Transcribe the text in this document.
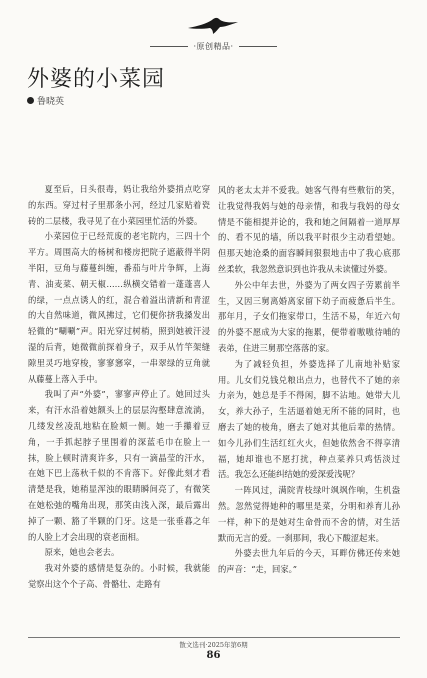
·原创精品·
外婆的小菜园
鲁晓英

夏至后，日头很毒，妈让我给外婆捎点吃穿的东西。穿过村子里那条小河，经过几家贴着瓷砖的二层楼，我寻见了在小菜园里忙活的外婆。

小菜园位于已经荒废的老宅院内，三四十个平方。周围高大的杨树和楼房把院子遮蔽得半阴半阳，豆角与藤蔓纠缠，番茄与叶片争辉，上海青、油麦菜、朝天椒……纵横交错着一蓬蓬喜人的绿，一点点诱人的红，混合着溢出清新和青涩的大自然味道，微风拂过，它们便你挤我搡发出轻微的“唰唰”声。阳光穿过树梢，照到她被汗浸湿的后背，她微微前探着身子，双手从竹竿架缝隙里灵巧地穿梭，寥寥窸窣，一串翠绿的豆角就从藤蔓上落入手中。

我叫了声“外婆”，寥寥声停止了。她回过头来，有汗水沿着她额头上的层层沟壑肆意流淌，几缕发丝凌乱地粘在脸颊一侧。她一手攥着豆角，一手抓起脖子里围着的深蓝毛巾在脸上一抹，脸上顿时清爽许多，只有一滴晶莹的汗水，在她下巴上荡秋千似的不肯落下。好像此刻才看清楚是我，她稍显浑浊的眼睛瞬间亮了，有微笑在她松弛的嘴角出现，那笑由浅入深，最后露出掉了一颗、豁了半颗的门牙。这是一张垂暮之年的人脸上才会出现的衰老面相。

原来，她也会老去。

我对外婆的感情是复杂的。小时候，我就能觉察出这个个子高、骨骼壮、走路有

风的老太太并不爱我。她客气得有些敷衍的笑，让我觉得我妈与她的母亲情，和我与我妈的母女情是不能相提并论的，我和她之间隔着一道厚厚的、看不见的墙，所以我平时很少主动看望她。但那天她沧桑的面容瞬间狠狠地击中了我心底那丝柔软，我忽然意识到也许我从未读懂过外婆。

外公中年去世，外婆为了两女四子劳累前半生，又因三舅离婚离家留下幼子而疲惫后半生。那年月，子女们拖家带口，生活不易，年近六旬的外婆不愿成为大家的拖累，便带着嗷嗷待哺的表弟，住进三舅那空落落的家。

为了减轻负担，外婆选择了儿南地补贴家用。儿女们兑钱兑粮出点力，也替代不了她的亲力亲为，她总是手不得闲，脚不沾地。她带大儿女，养大孙子，生活逼着她无所不能的同时，也磨去了她的棱角，磨去了她对其他后辈的热情。如今儿孙们生活红红火火，但她依然舍不得享清福，她却谁也不愿打扰，种点菜养只鸡恬淡过活。我怎么还能纠结她的爱深爱浅呢？

一阵风过，满院青枝绿叶飒飒作响，生机盎然。忽然觉得她种的哪里是菜，分明和养育儿孙一样，种下的是她对生命骨而不舍的情，对生活默而无言的爱。一刹那间，我心下酸涩起来。

外婆去世九年后的今天，耳畔仿佛还传来她的声音：“走，回家。”

散文选刊·2025年第6期
86
